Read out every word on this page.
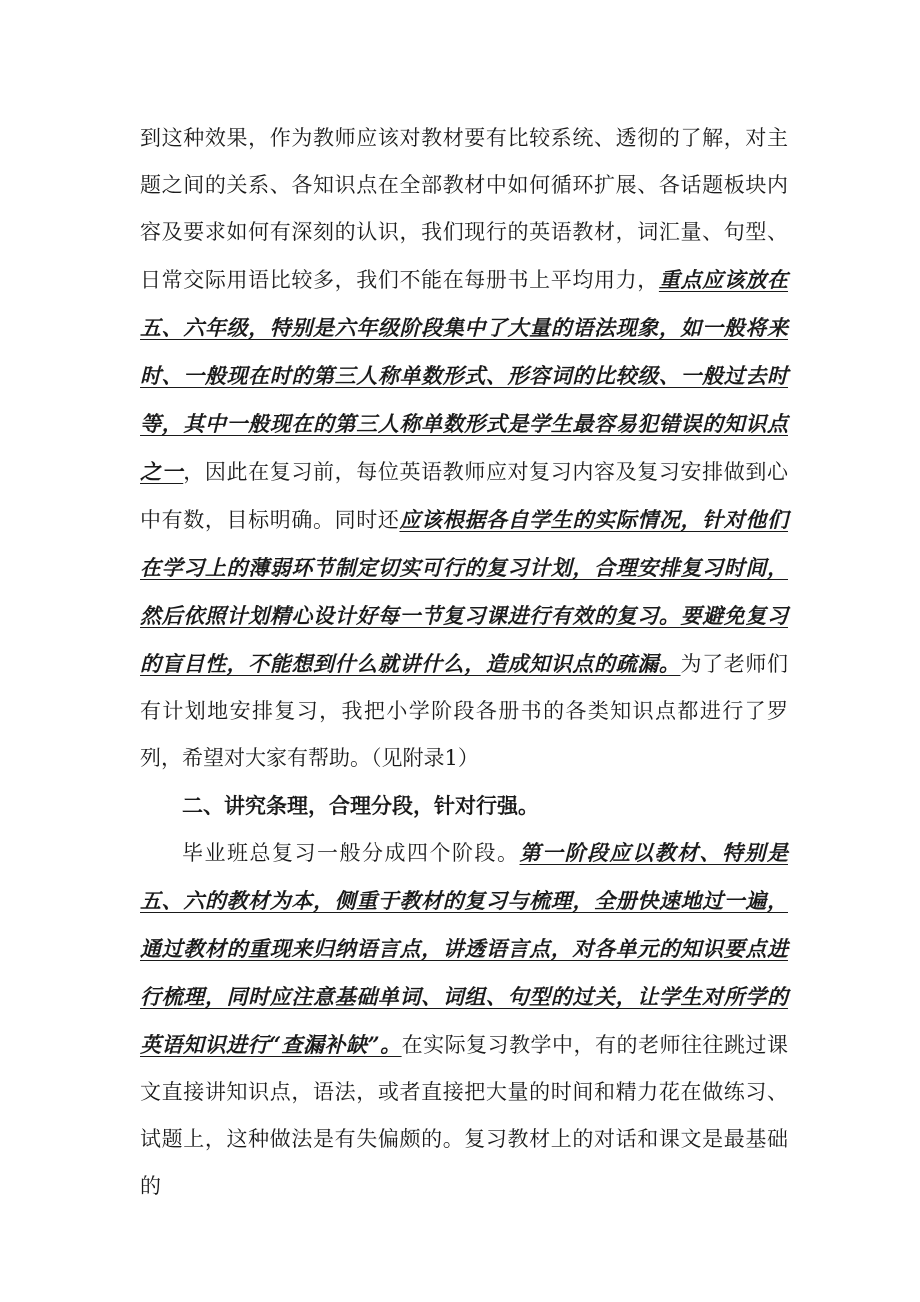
到这种效果，作为教师应该对教材要有比较系统、透彻的了解，对主题之间的关系、各知识点在全部教材中如何循环扩展、各话题板块内容及要求如何有深刻的认识，我们现行的英语教材，词汇量、句型、日常交际用语比较多，我们不能在每册书上平均用力，重点应该放在五、六年级，特别是六年级阶段集中了大量的语法现象，如一般将来时、一般现在时的第三人称单数形式、形容词的比较级、一般过去时等，其中一般现在的第三人称单数形式是学生最容易犯错误的知识点之一，因此在复习前，每位英语教师应对复习内容及复习安排做到心中有数，目标明确。同时还应该根据各自学生的实际情况，针对他们在学习上的薄弱环节制定切实可行的复习计划，合理安排复习时间，然后依照计划精心设计好每一节复习课进行有效的复习。要避免复习的盲目性，不能想到什么就讲什么，造成知识点的疏漏。为了老师们有计划地安排复习，我把小学阶段各册书的各类知识点都进行了罗列，希望对大家有帮助。（见附录1）

二、讲究条理，合理分段，针对行强。

毕业班总复习一般分成四个阶段。第一阶段应以教材、特别是五、六的教材为本，侧重于教材的复习与梳理，全册快速地过一遍，通过教材的重现来归纳语言点，讲透语言点，对各单元的知识要点进行梳理，同时应注意基础单词、词组、句型的过关，让学生对所学的英语知识进行“查漏补缺”。在实际复习教学中，有的老师往往跳过课文直接讲知识点，语法，或者直接把大量的时间和精力花在做练习、试题上，这种做法是有失偏颇的。复习教材上的对话和课文是最基础的
